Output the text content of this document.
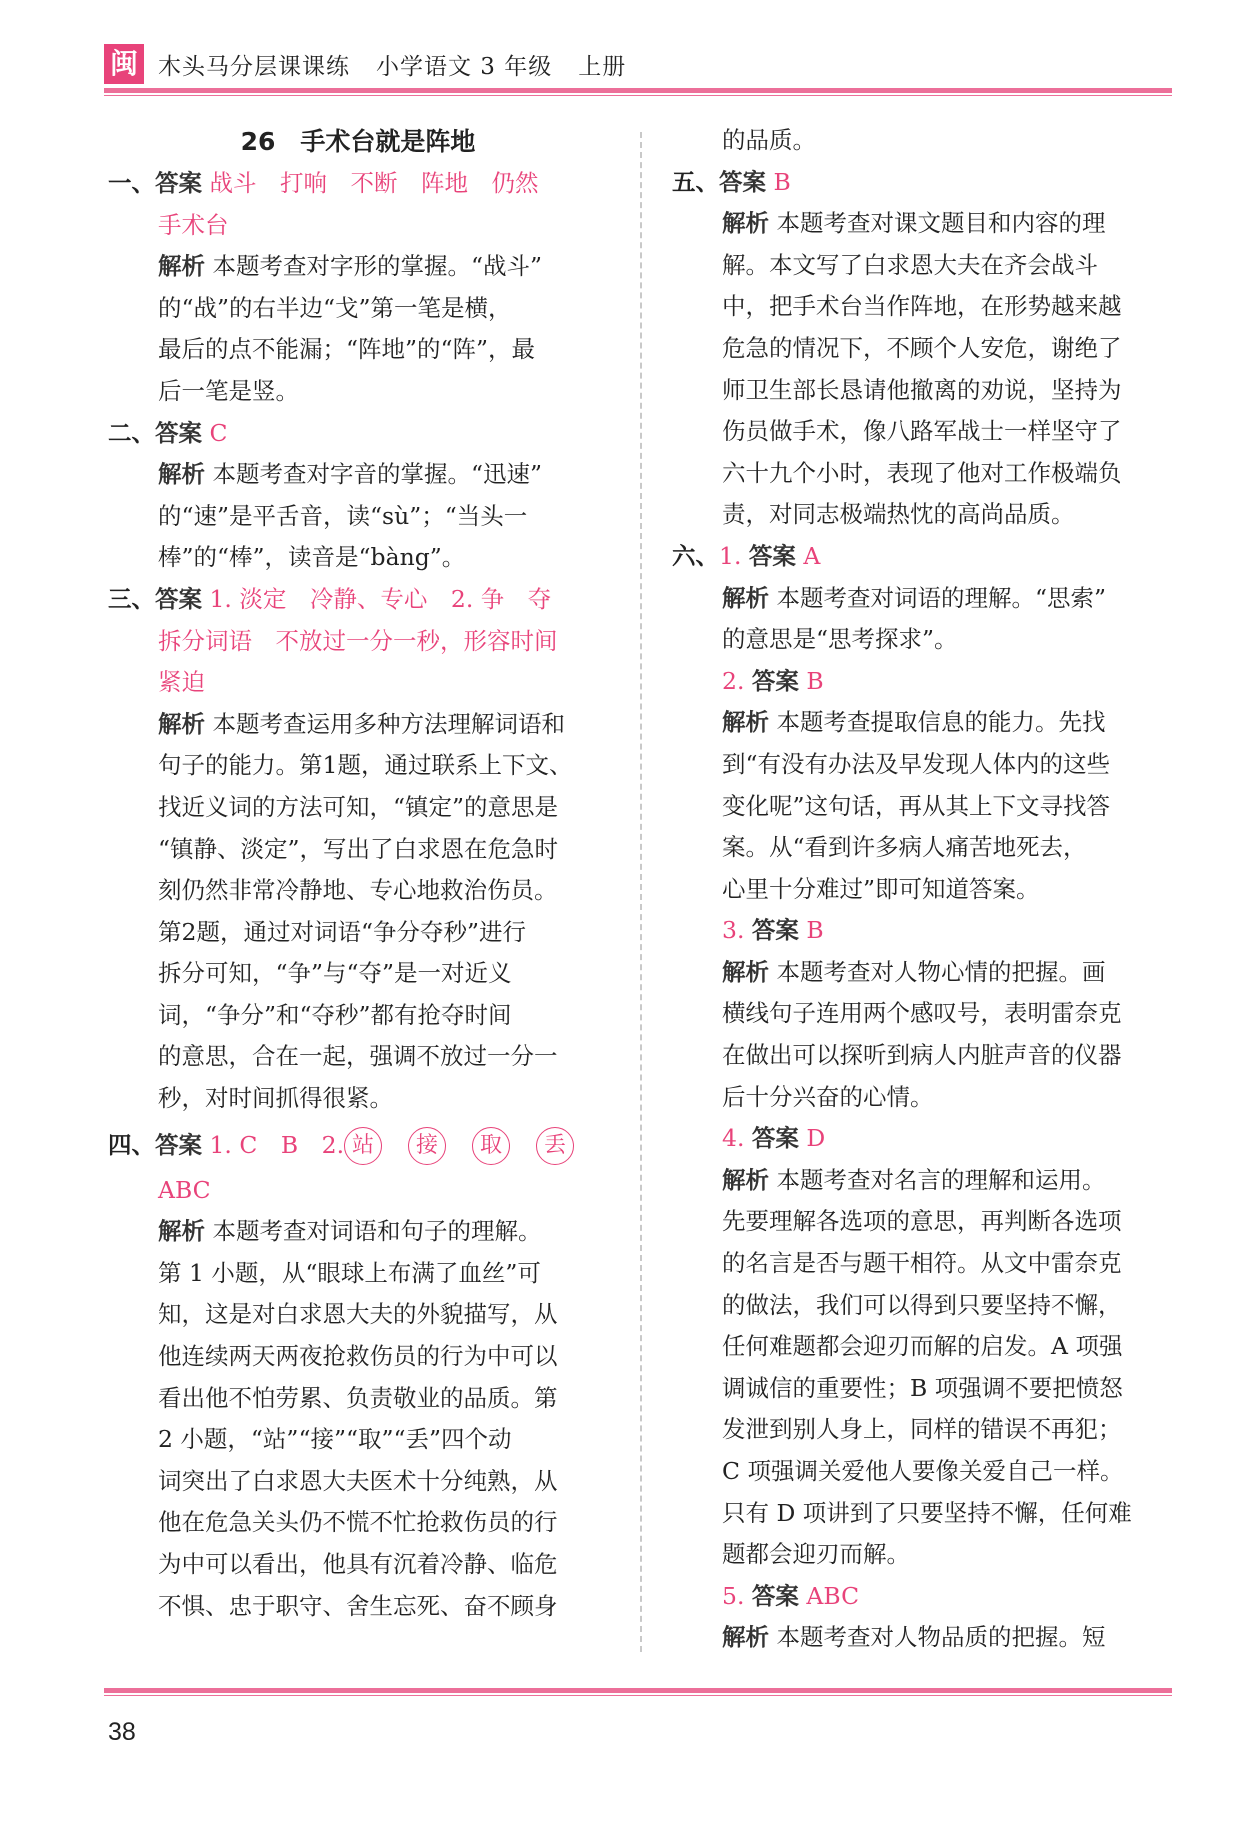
闽 木头马分层课课练 小学语文 3 年级 上册
26　手术台就是阵地
一、答案 战斗　打响　不断　阵地　仍然
手术台
解析 本题考查对字形的掌握。“战斗”
的“战”的右半边“戈”第一笔是横，
最后的点不能漏；“阵地”的“阵”，最
后一笔是竖。
二、答案 C
解析 本题考查对字音的掌握。“迅速”
的“速”是平舌音，读“sù”；“当头一
棒”的“棒”，读音是“bàng”。
三、答案 1. 淡定　冷静、专心　2. 争　夺
拆分词语　不放过一分一秒，形容时间
紧迫
解析 本题考查运用多种方法理解词语和
句子的能力。第1题，通过联系上下文、
找近义词的方法可知，“镇定”的意思是
“镇静、淡定”，写出了白求恩在危急时
刻仍然非常冷静地、专心地救治伤员。
第2题，通过对词语“争分夺秒”进行
拆分可知，“争”与“夺”是一对近义
词，“争分”和“夺秒”都有抢夺时间
的意思，合在一起，强调不放过一分一
秒，对时间抓得很紧。
四、答案 1. C　B　2. 站 接 取 丢
ABC
解析 本题考查对词语和句子的理解。
第 1 小题，从“眼球上布满了血丝”可
知，这是对白求恩大夫的外貌描写，从
他连续两天两夜抢救伤员的行为中可以
看出他不怕劳累、负责敬业的品质。第
2 小题，“站”“接”“取”“丢”四个动
词突出了白求恩大夫医术十分纯熟，从
他在危急关头仍不慌不忙抢救伤员的行
为中可以看出，他具有沉着冷静、临危
不惧、忠于职守、舍生忘死、奋不顾身
的品质。
五、答案 B
解析 本题考查对课文题目和内容的理
解。本文写了白求恩大夫在齐会战斗
中，把手术台当作阵地，在形势越来越
危急的情况下，不顾个人安危，谢绝了
师卫生部长恳请他撤离的劝说，坚持为
伤员做手术，像八路军战士一样坚守了
六十九个小时，表现了他对工作极端负
责，对同志极端热忱的高尚品质。
六、1. 答案 A
解析 本题考查对词语的理解。“思索”
的意思是“思考探求”。
2. 答案 B
解析 本题考查提取信息的能力。先找
到“有没有办法及早发现人体内的这些
变化呢”这句话，再从其上下文寻找答
案。从“看到许多病人痛苦地死去，
心里十分难过”即可知道答案。
3. 答案 B
解析 本题考查对人物心情的把握。画
横线句子连用两个感叹号，表明雷奈克
在做出可以探听到病人内脏声音的仪器
后十分兴奋的心情。
4. 答案 D
解析 本题考查对名言的理解和运用。
先要理解各选项的意思，再判断各选项
的名言是否与题干相符。从文中雷奈克
的做法，我们可以得到只要坚持不懈，
任何难题都会迎刃而解的启发。A 项强
调诚信的重要性；B 项强调不要把愤怒
发泄到别人身上，同样的错误不再犯；
C 项强调关爱他人要像关爱自己一样。
只有 D 项讲到了只要坚持不懈，任何难
题都会迎刃而解。
5. 答案 ABC
解析 本题考查对人物品质的把握。短
38
